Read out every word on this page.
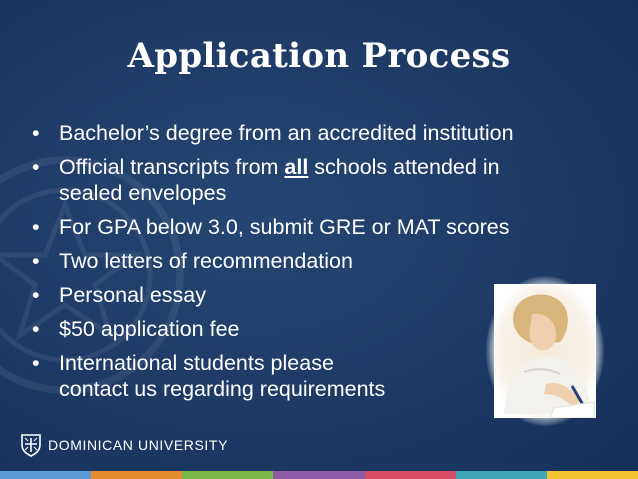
Application Process
• Bachelor’s degree from an accredited institution
• Official transcripts from all schools attended in
sealed envelopes
• For GPA below 3.0, submit GRE or MAT scores
• Two letters of recommendation
• Personal essay
• $50 application fee
• International students please
contact us regarding requirements
DOMINICAN UNIVERSITY
